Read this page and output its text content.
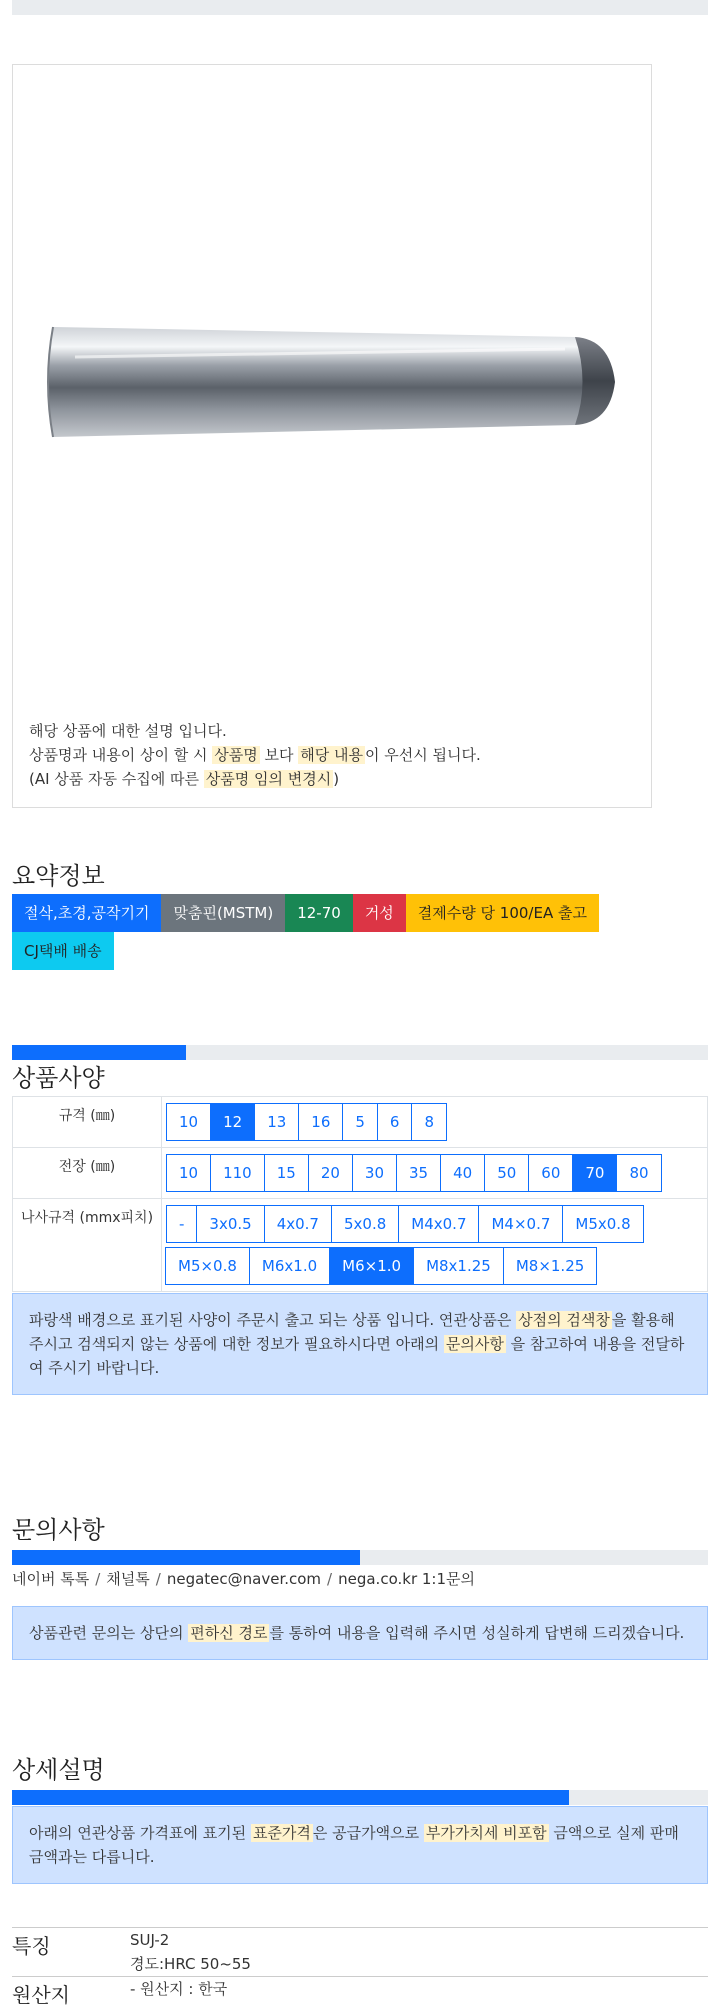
해당 상품에 대한 설명 입니다.
상품명과 내용이 상이 할 시 상품명 보다 해당 내용 이 우선시 됩니다.
(AI 상품 자동 수집에 따른 상품명 임의 변경시 )
요약정보
절삭,초경,공작기기	맞춤핀(MSTM)	12-70	거성	결제수량 당 100/EA 출고
CJ택배 배송
상품사양
규격 (㎜)	10	12	13	16	5	6	8
전장 (㎜)	10	110	15	20	30	35	40	50	60	70	80
나사규격 (mmx피치)	-	3x0.5	4x0.7	5x0.8	M4x0.7	M4×0.7	M5x0.8
M5×0.8	M6x1.0	M6×1.0	M8x1.25	M8×1.25
파랑색 배경으로 표기된 사양이 주문시 출고 되는 상품 입니다. 연관상품은 상점의 검색창 을 활용해 주시고 검색되지 않는 상품에 대한 정보가 필요하시다면 아래의 문의사항 을 참고하여 내용을 전달하여 주시기 바랍니다.
문의사항
네이버 톡톡 / 채널톡 / negatec@naver.com / nega.co.kr 1:1문의
상품관련 문의는 상단의 편하신 경로 를 통하여 내용을 입력해 주시면 성실하게 답변해 드리겠습니다.
상세설명
아래의 연관상품 가격표에 표기된 표준가격 은 공급가액으로 부가가치세 비포함 금액으로 실제 판매금액과는 다릅니다.
특징	SUJ-2
경도:HRC 50~55
원산지	- 원산지 : 한국
